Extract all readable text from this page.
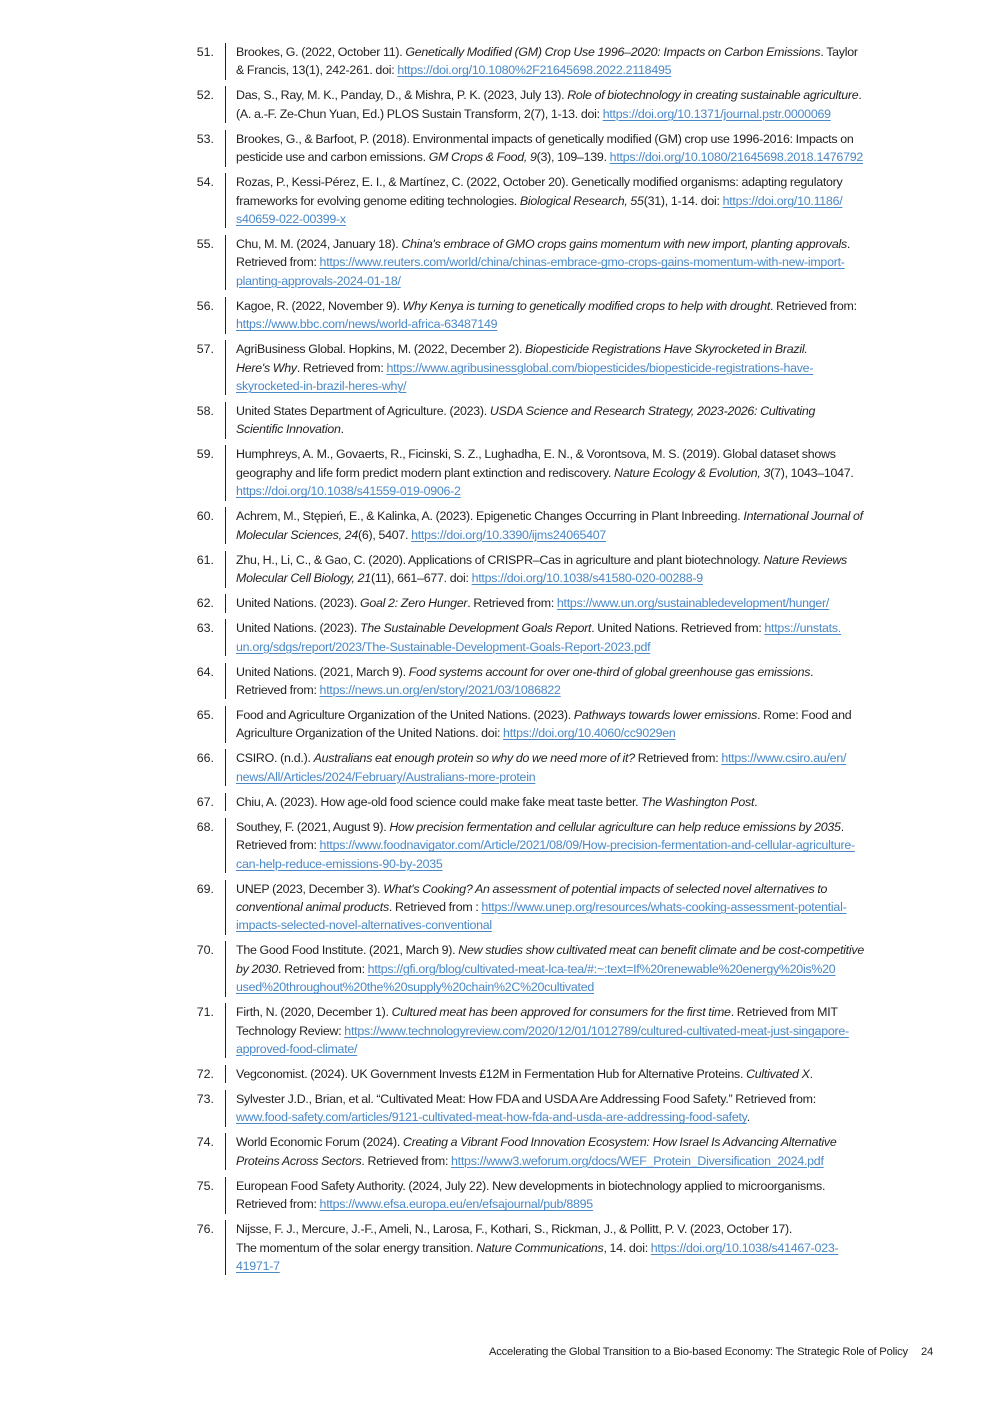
51. Brookes, G. (2022, October 11). Genetically Modified (GM) Crop Use 1996–2020: Impacts on Carbon Emissions. Taylor
& Francis, 13(1), 242-261. doi: https://doi.org/10.1080%2F21645698.2022.2118495
52. Das, S., Ray, M. K., Panday, D., & Mishra, P. K. (2023, July 13). Role of biotechnology in creating sustainable agriculture.
(A. a.-F. Ze-Chun Yuan, Ed.) PLOS Sustain Transform, 2(7), 1-13. doi: https://doi.org/10.1371/journal.pstr.0000069
53. Brookes, G., & Barfoot, P. (2018). Environmental impacts of genetically modified (GM) crop use 1996-2016: Impacts on
pesticide use and carbon emissions. GM Crops & Food, 9(3), 109–139. https://doi.org/10.1080/21645698.2018.1476792
54. Rozas, P., Kessi-Pérez, E. I., & Martínez, C. (2022, October 20). Genetically modified organisms: adapting regulatory
frameworks for evolving genome editing technologies. Biological Research, 55(31), 1-14. doi: https://doi.org/10.1186/
s40659-022-00399-x
55. Chu, M. M. (2024, January 18). China's embrace of GMO crops gains momentum with new import, planting approvals.
Retrieved from: https://www.reuters.com/world/china/chinas-embrace-gmo-crops-gains-momentum-with-new-import-
planting-approvals-2024-01-18/
56. Kagoe, R. (2022, November 9). Why Kenya is turning to genetically modified crops to help with drought. Retrieved from:
https://www.bbc.com/news/world-africa-63487149
57. AgriBusiness Global. Hopkins, M. (2022, December 2). Biopesticide Registrations Have Skyrocketed in Brazil.
Here's Why. Retrieved from: https://www.agribusinessglobal.com/biopesticides/biopesticide-registrations-have-
skyrocketed-in-brazil-heres-why/
58. United States Department of Agriculture. (2023). USDA Science and Research Strategy, 2023-2026: Cultivating
Scientific Innovation.
59. Humphreys, A. M., Govaerts, R., Ficinski, S. Z., Lughadha, E. N., & Vorontsova, M. S. (2019). Global dataset shows
geography and life form predict modern plant extinction and rediscovery. Nature Ecology & Evolution, 3(7), 1043–1047.
https://doi.org/10.1038/s41559-019-0906-2
60. Achrem, M., Stępień, E., & Kalinka, A. (2023). Epigenetic Changes Occurring in Plant Inbreeding. International Journal of
Molecular Sciences, 24(6), 5407. https://doi.org/10.3390/ijms24065407
61. Zhu, H., Li, C., & Gao, C. (2020). Applications of CRISPR–Cas in agriculture and plant biotechnology. Nature Reviews
Molecular Cell Biology, 21(11), 661–677. doi: https://doi.org/10.1038/s41580-020-00288-9
62. United Nations. (2023). Goal 2: Zero Hunger. Retrieved from: https://www.un.org/sustainabledevelopment/hunger/
63. United Nations. (2023). The Sustainable Development Goals Report. United Nations. Retrieved from: https://unstats.
un.org/sdgs/report/2023/The-Sustainable-Development-Goals-Report-2023.pdf
64. United Nations. (2021, March 9). Food systems account for over one-third of global greenhouse gas emissions.
Retrieved from: https://news.un.org/en/story/2021/03/1086822
65. Food and Agriculture Organization of the United Nations. (2023). Pathways towards lower emissions. Rome: Food and
Agriculture Organization of the United Nations. doi: https://doi.org/10.4060/cc9029en
66. CSIRO. (n.d.). Australians eat enough protein so why do we need more of it? Retrieved from: https://www.csiro.au/en/
news/All/Articles/2024/February/Australians-more-protein
67. Chiu, A. (2023). How age-old food science could make fake meat taste better. The Washington Post.
68. Southey, F. (2021, August 9). How precision fermentation and cellular agriculture can help reduce emissions by 2035.
Retrieved from: https://www.foodnavigator.com/Article/2021/08/09/How-precision-fermentation-and-cellular-agriculture-
can-help-reduce-emissions-90-by-2035
69. UNEP (2023, December 3). What's Cooking? An assessment of potential impacts of selected novel alternatives to
conventional animal products. Retrieved from : https://www.unep.org/resources/whats-cooking-assessment-potential-
impacts-selected-novel-alternatives-conventional
70. The Good Food Institute. (2021, March 9). New studies show cultivated meat can benefit climate and be cost-competitive
by 2030. Retrieved from: https://gfi.org/blog/cultivated-meat-lca-tea/#:~:text=If%20renewable%20energy%20is%20
used%20throughout%20the%20supply%20chain%2C%20cultivated
71. Firth, N. (2020, December 1). Cultured meat has been approved for consumers for the first time. Retrieved from MIT
Technology Review: https://www.technologyreview.com/2020/12/01/1012789/cultured-cultivated-meat-just-singapore-
approved-food-climate/
72. Vegconomist. (2024). UK Government Invests £12M in Fermentation Hub for Alternative Proteins. Cultivated X.
73. Sylvester J.D., Brian, et al. “Cultivated Meat: How FDA and USDA Are Addressing Food Safety.” Retrieved from:
www.food-safety.com/articles/9121-cultivated-meat-how-fda-and-usda-are-addressing-food-safety.
74. World Economic Forum (2024). Creating a Vibrant Food Innovation Ecosystem: How Israel Is Advancing Alternative
Proteins Across Sectors. Retrieved from: https://www3.weforum.org/docs/WEF_Protein_Diversification_2024.pdf
75. European Food Safety Authority. (2024, July 22). New developments in biotechnology applied to microorganisms.
Retrieved from: https://www.efsa.europa.eu/en/efsajournal/pub/8895
76. Nijsse, F. J., Mercure, J.-F., Ameli, N., Larosa, F., Kothari, S., Rickman, J., & Pollitt, P. V. (2023, October 17).
The momentum of the solar energy transition. Nature Communications, 14. doi: https://doi.org/10.1038/s41467-023-
41971-7
Accelerating the Global Transition to a Bio-based Economy: The Strategic Role of Policy 24
